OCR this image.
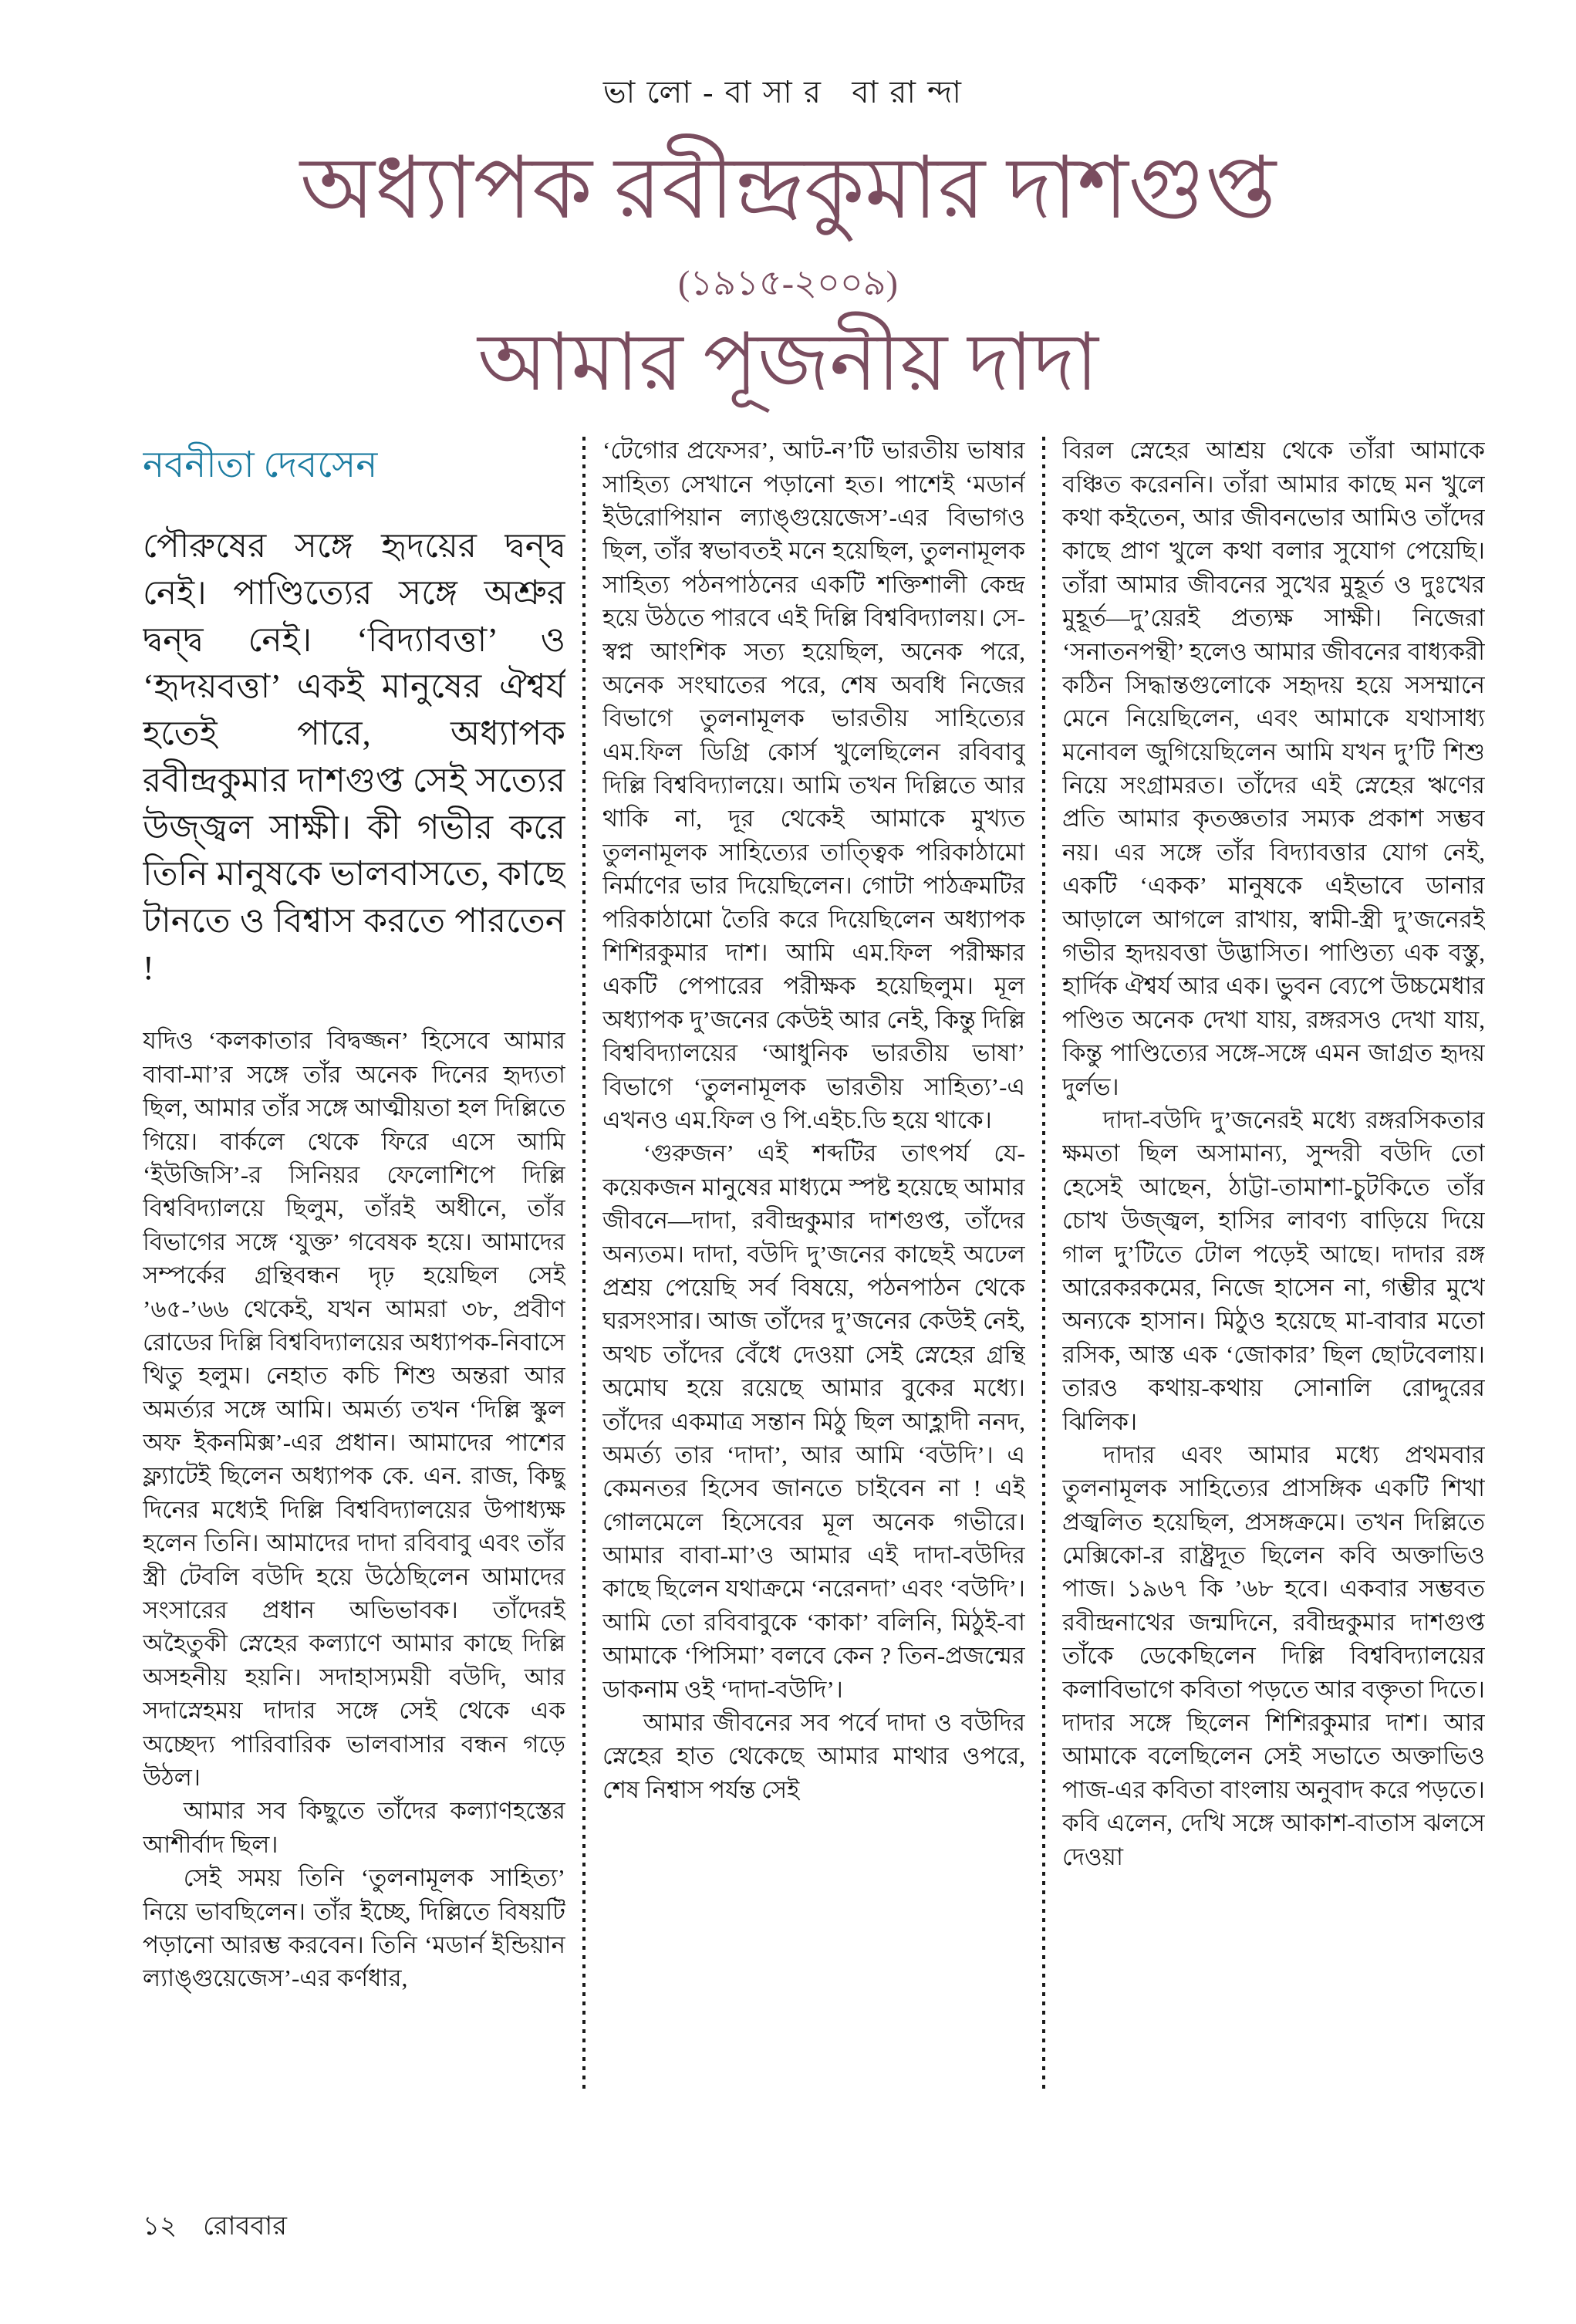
ভালো-বাসার বারান্দা
অধ্যাপক রবীন্দ্রকুমার দাশগুপ্ত
(১৯১৫-২০০৯)
আমার পূজনীয় দাদা
নবনীতা দেবসেন

পৌরুষের সঙ্গে হৃদয়ের দ্বন্দ্ব নেই। পাণ্ডিত্যের সঙ্গে অশ্রুর দ্বন্দ্ব নেই। ‘বিদ্যাবত্তা’ ও ‘হৃদয়বত্তা’ একই মানুষের ঐশ্বর্য হতেই পারে, অধ্যাপক রবীন্দ্রকুমার দাশগুপ্ত সেই সত্যের উজ্জ্বল সাক্ষী। কী গভীর করে তিনি মানুষকে ভালবাসতে, কাছে টানতে ও বিশ্বাস করতে পারতেন !

যদিও ‘কলকাতার বিদ্বজ্জন’ হিসেবে আমার বাবা-মা’র সঙ্গে তাঁর অনেক দিনের হৃদ্যতা ছিল, আমার তাঁর সঙ্গে আত্মীয়তা হল দিল্লিতে গিয়ে। বার্কলে থেকে ফিরে এসে আমি ‘ইউজিসি’-র সিনিয়র ফেলোশিপে দিল্লি বিশ্ববিদ্যালয়ে ছিলুম, তাঁরই অধীনে, তাঁর বিভাগের সঙ্গে ‘যুক্ত’ গবেষক হয়ে। আমাদের সম্পর্কের গ্রন্থিবন্ধন দৃঢ় হয়েছিল সেই ’৬৫-’৬৬ থেকেই, যখন আমরা ৩৮, প্রবীণ রোডের দিল্লি বিশ্ববিদ্যালয়ের অধ্যাপক-নিবাসে থিতু হলুম। নেহাত কচি শিশু অন্তরা আর অমর্ত্যর সঙ্গে আমি। অমর্ত্য তখন ‘দিল্লি স্কুল অফ ইকনমিক্স’-এর প্রধান। আমাদের পাশের ফ্ল্যাটেই ছিলেন অধ্যাপক কে. এন. রাজ, কিছু দিনের মধ্যেই দিল্লি বিশ্ববিদ্যালয়ের উপাধ্যক্ষ হলেন তিনি। আমাদের দাদা রবিবাবু এবং তাঁর স্ত্রী টেবলি বউদি হয়ে উঠেছিলেন আমাদের সংসারের প্রধান অভিভাবক। তাঁদেরই অহৈতুকী স্নেহের কল্যাণে আমার কাছে দিল্লি অসহনীয় হয়নি। সদাহাস্যময়ী বউদি, আর সদাস্নেহময় দাদার সঙ্গে সেই থেকে এক অচ্ছেদ্য পারিবারিক ভালবাসার বন্ধন গড়ে উঠল।

আমার সব কিছুতে তাঁদের কল্যাণহস্তের আশীর্বাদ ছিল।

সেই সময় তিনি ‘তুলনামূলক সাহিত্য’ নিয়ে ভাবছিলেন। তাঁর ইচ্ছে, দিল্লিতে বিষয়টি পড়ানো আরম্ভ করবেন। তিনি ‘মডার্ন ইন্ডিয়ান ল্যাঙ্গুয়েজেস’-এর কর্ণধার,

‘টেগোর প্রফেসর’, আট-ন’টি ভারতীয় ভাষার সাহিত্য সেখানে পড়ানো হত। পাশেই ‘মডার্ন ইউরোপিয়ান ল্যাঙ্গুয়েজেস’-এর বিভাগও ছিল, তাঁর স্বভাবতই মনে হয়েছিল, তুলনামূলক সাহিত্য পঠনপাঠনের একটি শক্তিশালী কেন্দ্র হয়ে উঠতে পারবে এই দিল্লি বিশ্ববিদ্যালয়। সে-স্বপ্ন আংশিক সত্য হয়েছিল, অনেক পরে, অনেক সংঘাতের পরে, শেষ অবধি নিজের বিভাগে তুলনামূলক ভারতীয় সাহিত্যের এম.ফিল ডিগ্রি কোর্স খুলেছিলেন রবিবাবু দিল্লি বিশ্ববিদ্যালয়ে। আমি তখন দিল্লিতে আর থাকি না, দূর থেকেই আমাকে মুখ্যত তুলনামূলক সাহিত্যের তাত্ত্বিক পরিকাঠামো নির্মাণের ভার দিয়েছিলেন। গোটা পাঠক্রমটির পরিকাঠামো তৈরি করে দিয়েছিলেন অধ্যাপক শিশিরকুমার দাশ। আমি এম.ফিল পরীক্ষার একটি পেপারের পরীক্ষক হয়েছিলুম। মূল অধ্যাপক দু’জনের কেউই আর নেই, কিন্তু দিল্লি বিশ্ববিদ্যালয়ের ‘আধুনিক ভারতীয় ভাষা’ বিভাগে ‘তুলনামূলক ভারতীয় সাহিত্য’-এ এখনও এম.ফিল ও পি.এইচ.ডি হয়ে থাকে।

‘গুরুজন’ এই শব্দটির তাৎপর্য যে-কয়েকজন মানুষের মাধ্যমে স্পষ্ট হয়েছে আমার জীবনে—দাদা, রবীন্দ্রকুমার দাশগুপ্ত, তাঁদের অন্যতম। দাদা, বউদি দু’জনের কাছেই অঢেল প্রশ্রয় পেয়েছি সর্ব বিষয়ে, পঠনপাঠন থেকে ঘরসংসার। আজ তাঁদের দু’জনের কেউই নেই, অথচ তাঁদের বেঁধে দেওয়া সেই স্নেহের গ্রন্থি অমোঘ হয়ে রয়েছে আমার বুকের মধ্যে। তাঁদের একমাত্র সন্তান মিঠু ছিল আহ্লাদী ননদ, অমর্ত্য তার ‘দাদা’, আর আমি ‘বউদি’। এ কেমনতর হিসেব জানতে চাইবেন না ! এই গোলমেলে হিসেবের মূল অনেক গভীরে। আমার বাবা-মা’ও আমার এই দাদা-বউদির কাছে ছিলেন যথাক্রমে ‘নরেনদা’ এবং ‘বউদি’। আমি তো রবিবাবুকে ‘কাকা’ বলিনি, মিঠুই-বা আমাকে ‘পিসিমা’ বলবে কেন ? তিন-প্রজন্মের ডাকনাম ওই ‘দাদা-বউদি’।

আমার জীবনের সব পর্বে দাদা ও বউদির স্নেহের হাত থেকেছে আমার মাথার ওপরে, শেষ নিশ্বাস পর্যন্ত সেই

বিরল স্নেহের আশ্রয় থেকে তাঁরা আমাকে বঞ্চিত করেননি। তাঁরা আমার কাছে মন খুলে কথা কইতেন, আর জীবনভোর আমিও তাঁদের কাছে প্রাণ খুলে কথা বলার সুযোগ পেয়েছি। তাঁরা আমার জীবনের সুখের মুহূর্ত ও দুঃখের মুহূর্ত—দু’য়েরই প্রত্যক্ষ সাক্ষী। নিজেরা ‘সনাতনপন্থী’ হলেও আমার জীবনের বাধ্যকরী কঠিন সিদ্ধান্তগুলোকে সহৃদয় হয়ে সসম্মানে মেনে নিয়েছিলেন, এবং আমাকে যথাসাধ্য মনোবল জুগিয়েছিলেন আমি যখন দু’টি শিশু নিয়ে সংগ্রামরত। তাঁদের এই স্নেহের ঋণের প্রতি আমার কৃতজ্ঞতার সম্যক প্রকাশ সম্ভব নয়। এর সঙ্গে তাঁর বিদ্যাবত্তার যোগ নেই, একটি ‘একক’ মানুষকে এইভাবে ডানার আড়ালে আগলে রাখায়, স্বামী-স্ত্রী দু’জনেরই গভীর হৃদয়বত্তা উদ্ভাসিত। পাণ্ডিত্য এক বস্তু, হার্দিক ঐশ্বর্য আর এক। ভুবন ব্যেপে উচ্চমেধার পণ্ডিত অনেক দেখা যায়, রঙ্গরসও দেখা যায়, কিন্তু পাণ্ডিত্যের সঙ্গে-সঙ্গে এমন জাগ্রত হৃদয় দুর্লভ।

দাদা-বউদি দু’জনেরই মধ্যে রঙ্গরসিকতার ক্ষমতা ছিল অসামান্য, সুন্দরী বউদি তো হেসেই আছেন, ঠাট্টা-তামাশা-চুটকিতে তাঁর চোখ উজ্জ্বল, হাসির লাবণ্য বাড়িয়ে দিয়ে গাল দু’টিতে টোল পড়েই আছে। দাদার রঙ্গ আরেকরকমের, নিজে হাসেন না, গম্ভীর মুখে অন্যকে হাসান। মিঠুও হয়েছে মা-বাবার মতো রসিক, আস্ত এক ‘জোকার’ ছিল ছোটবেলায়। তারও কথায়-কথায় সোনালি রোদ্দুরের ঝিলিক।

দাদার এবং আমার মধ্যে প্রথমবার তুলনামূলক সাহিত্যের প্রাসঙ্গিক একটি শিখা প্রজ্বলিত হয়েছিল, প্রসঙ্গক্রমে। তখন দিল্লিতে মেক্সিকো-র রাষ্ট্রদূত ছিলেন কবি অক্তাভিও পাজ। ১৯৬৭ কি ’৬৮ হবে। একবার সম্ভবত রবীন্দ্রনাথের জন্মদিনে, রবীন্দ্রকুমার দাশগুপ্ত তাঁকে ডেকেছিলেন দিল্লি বিশ্ববিদ্যালয়ের কলাবিভাগে কবিতা পড়তে আর বক্তৃতা দিতে। দাদার সঙ্গে ছিলেন শিশিরকুমার দাশ। আর আমাকে বলেছিলেন সেই সভাতে অক্তাভিও পাজ-এর কবিতা বাংলায় অনুবাদ করে পড়তে। কবি এলেন, দেখি সঙ্গে আকাশ-বাতাস ঝলসে দেওয়া

১২ রোববার
